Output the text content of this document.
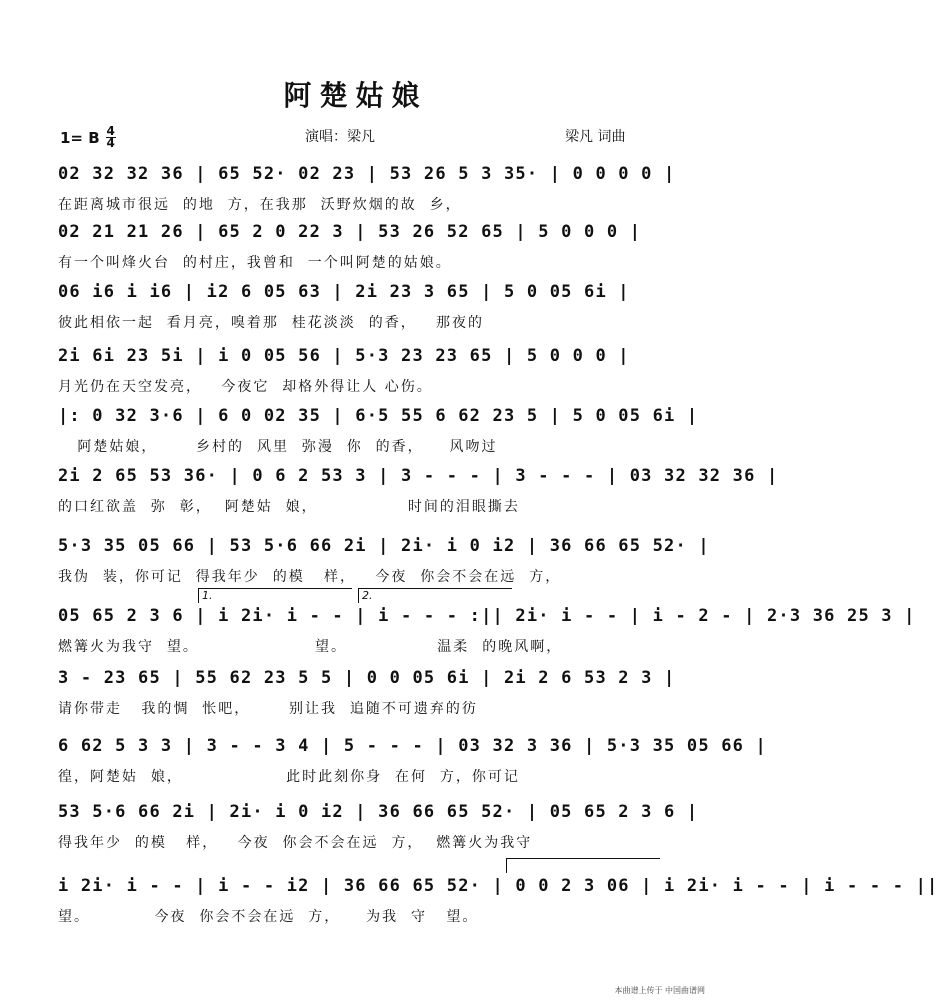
阿楚姑娘
1= B 4
4	演唱：梁凡	梁凡 词曲
02 32 32 36 | 65 52· 02 23 | 53 26 5 3 35· | 0 0 0 0 |
在距离城市很远  的地  方，在我那  沃野炊烟的故  乡，
02 21 21 26 | 65 2 0 22 3 | 53 26 52 65 | 5 0 0 0 |
有一个叫烽火台  的村庄，我曾和  一个叫阿楚的姑娘。
06 i6 i i6 | i2 6 05 63 | 2i 23 3 65 | 5 0 05 6i |
彼此相依一起  看月亮，嗅着那  桂花淡淡  的香，   那夜的
2i 6i 23 5i | i 0 05 56 | 5·3 23 23 65 | 5 0 0 0 |
月光仍在天空发亮，   今夜它  却格外得让人 心伤。
|: 0 32 3·6 | 6 0 02 35 | 6·5 55 6 62 23 5 | 5 0 05 6i |
阿楚姑娘，      乡村的  风里  弥漫  你  的香，    风吻过
2i 2 65 53 36· | 0 6 2 53 3 | 3 - - - | 3 - - - | 03 32 32 36 |
的口红欲盖  弥  彰，  阿楚姑  娘，              时间的泪眼撕去
5·3 35 05 66 | 53 5·6 66 2i | 2i· i 0 i2 | 36 66 65 52· |
我伪  装，你可记  得我年少  的模   样，   今夜  你会不会在远  方，
1.	2.
05 65 2 3 6 | i 2i· i - - | i - - - :|| 2i· i - - | i - 2 - | 2·3 36 25 3 |
燃篝火为我守  望。                  望。              温柔  的晚风啊，
3 - 23 65 | 55 62 23 5 5 | 0 0 05 6i | 2i 2 6 53 2 3 |
请你带走   我的惆  怅吧，      别让我  追随不可遗弃的彷
6 62 5 3 3 | 3 - - 3 4 | 5 - - - | 03 32 3 36 | 5·3 35 05 66 |
徨，阿楚姑  娘，                此时此刻你身  在何  方，你可记
53 5·6 66 2i | 2i· i 0 i2 | 36 66 65 52· | 05 65 2 3 6 |
得我年少  的模   样，   今夜  你会不会在远  方，  燃篝火为我守
i 2i· i - - | i - - i2 | 36 66 65 52· | 0 0 2 3 06 | i 2i· i - - | i - - - ||
望。          今夜  你会不会在远  方，    为我  守   望。
本曲谱上传于 中国曲谱网
